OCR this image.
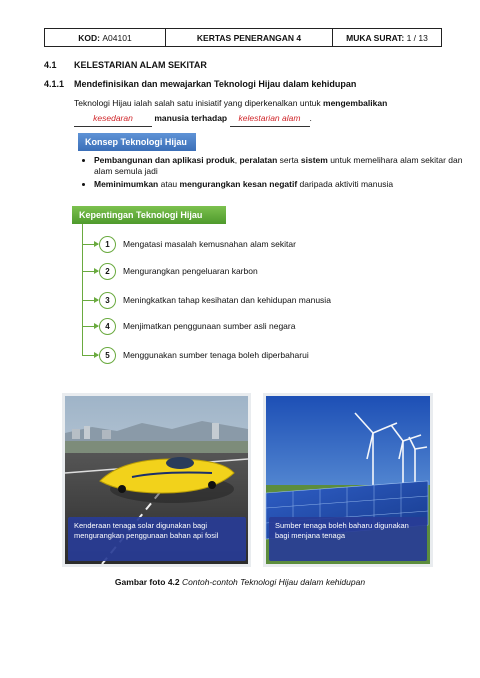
KOD:
A04101	KERTAS PENERANGAN 4	MUKA SURAT:
1 / 13
4.1 KELESTARIAN ALAM SEKITAR
4.1.1 Mendefinisikan dan mewajarkan Teknologi Hijau dalam kehidupan
Teknologi Hijau ialah salah satu inisiatif yang diperkenalkan untuk mengembalikan
kesedaran	manusia terhadap kelestarian alam .
Konsep Teknologi Hijau
• Pembangunan dan aplikasi produk, peralatan serta sistem untuk memelihara alam sekitar dan alam semula jadi
• Meminimumkan atau mengurangkan kesan negatif daripada aktiviti manusia
Kepentingan Teknologi Hijau
1	Mengatasi masalah kemusnahan alam sekitar
2	Mengurangkan pengeluaran karbon
3	Meningkatkan tahap kesihatan dan kehidupan manusia
4	Menjimatkan penggunaan sumber asli negara
5	Menggunakan sumber tenaga boleh diperbaharui
Kenderaan tenaga solar digunakan bagi mengurangkan penggunaan bahan api fosil
Sumber tenaga boleh baharu digunakan bagi menjana tenaga
Gambar foto 4.2 Contoh-contoh Teknologi Hijau dalam kehidupan
